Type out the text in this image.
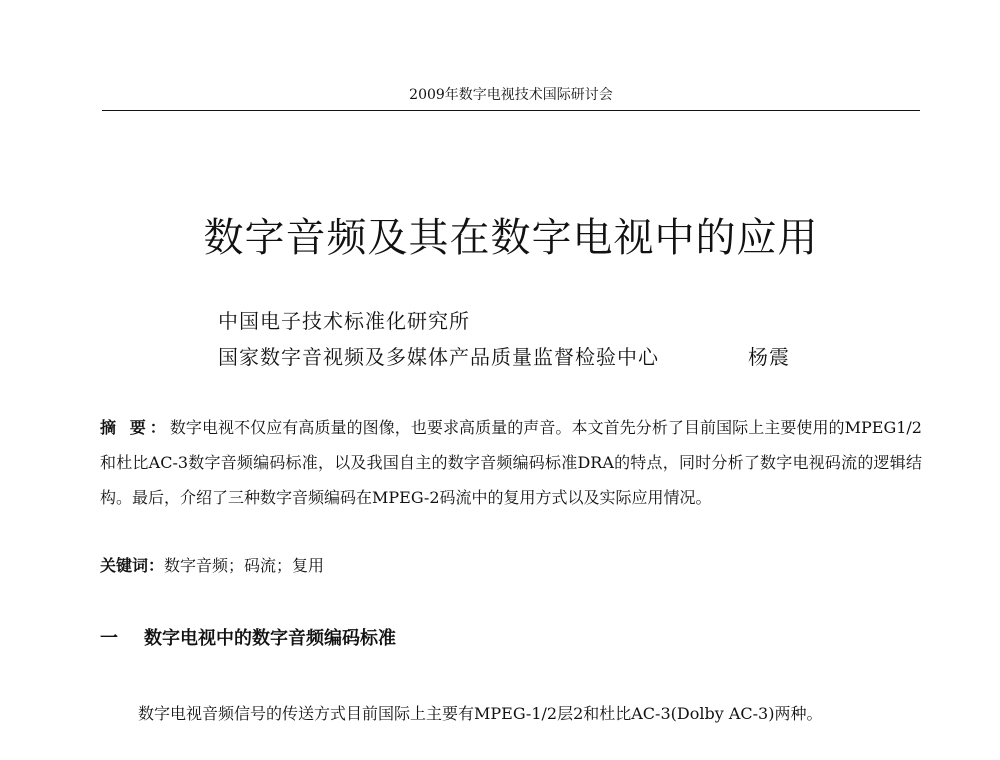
2009年数字电视技术国际研讨会
数字音频及其在数字电视中的应用
中国电子技术标准化研究所
国家数字音视频及多媒体产品质量监督检验中心	杨震
摘 要：数字电视不仅应有高质量的图像，也要求高质量的声音。本文首先分析了目前国际上主要使用的MPEG1/2和杜比AC-3数字音频编码标准，以及我国自主的数字音频编码标准DRA的特点，同时分析了数字电视码流的逻辑结构。最后，介绍了三种数字音频编码在MPEG-2码流中的复用方式以及实际应用情况。
关键词：数字音频；码流；复用
一 数字电视中的数字音频编码标准
数字电视音频信号的传送方式目前国际上主要有MPEG-1/2层2和杜比AC-3(Dolby AC-3)两种。
